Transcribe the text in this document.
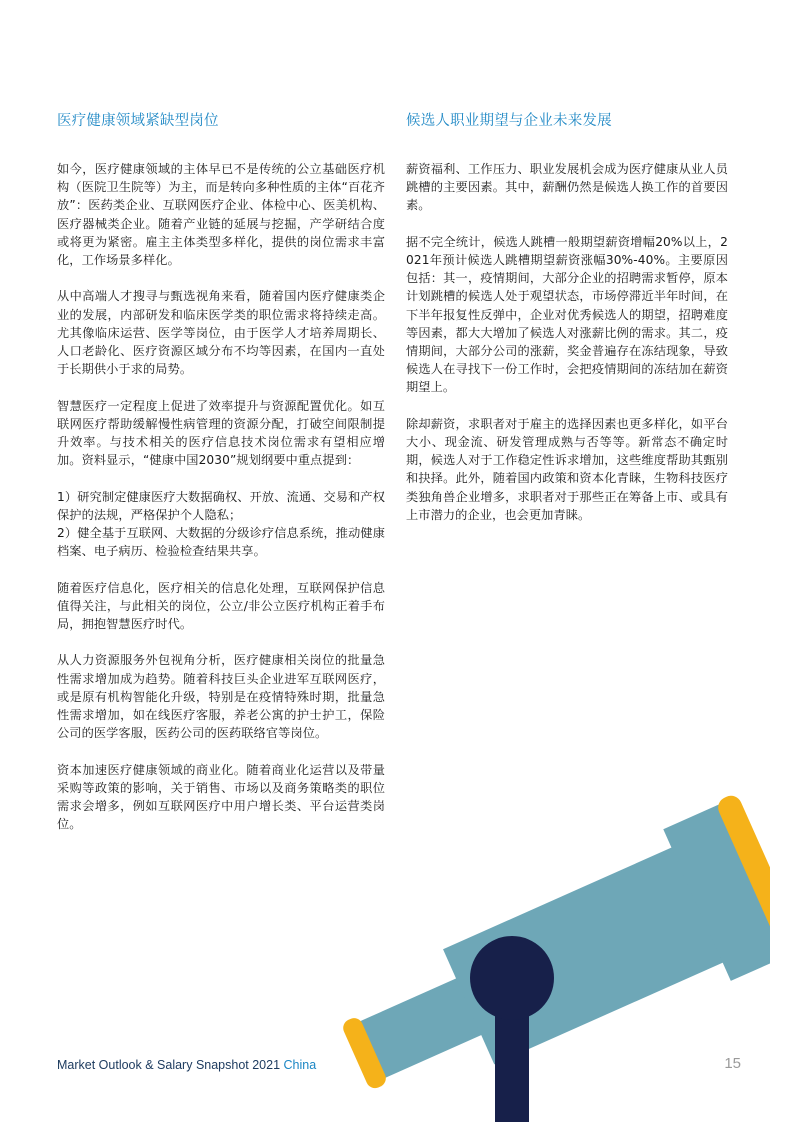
医疗健康领域紧缺型岗位

如今，医疗健康领域的主体早已不是传统的公立基础医疗机构（医院卫生院等）为主，而是转向多种性质的主体“百花齐放”：医药类企业、互联网医疗企业、体检中心、医美机构、医疗器械类企业。随着产业链的延展与挖掘，产学研结合度或将更为紧密。雇主主体类型多样化，提供的岗位需求丰富化，工作场景多样化。

从中高端人才搜寻与甄选视角来看，随着国内医疗健康类企业的发展，内部研发和临床医学类的职位需求将持续走高。尤其像临床运营、医学等岗位，由于医学人才培养周期长、人口老龄化、医疗资源区域分布不均等因素，在国内一直处于长期供小于求的局势。

智慧医疗一定程度上促进了效率提升与资源配置优化。如互联网医疗帮助缓解慢性病管理的资源分配，打破空间限制提升效率。与技术相关的医疗信息技术岗位需求有望相应增加。资料显示，“健康中国2030”规划纲要中重点提到：

1）研究制定健康医疗大数据确权、开放、流通、交易和产权保护的法规，严格保护个人隐私；
2）健全基于互联网、大数据的分级诊疗信息系统，推动健康档案、电子病历、检验检查结果共享。

随着医疗信息化，医疗相关的信息化处理，互联网保护信息值得关注，与此相关的岗位，公立/非公立医疗机构正着手布局，拥抱智慧医疗时代。

从人力资源服务外包视角分析，医疗健康相关岗位的批量急性需求增加成为趋势。随着科技巨头企业进军互联网医疗，或是原有机构智能化升级，特别是在疫情特殊时期，批量急性需求增加，如在线医疗客服，养老公寓的护士护工，保险公司的医学客服，医药公司的医药联络官等岗位。

资本加速医疗健康领域的商业化。随着商业化运营以及带量采购等政策的影响，关于销售、市场以及商务策略类的职位需求会增多，例如互联网医疗中用户增长类、平台运营类岗位。

候选人职业期望与企业未来发展

薪资福利、工作压力、职业发展机会成为医疗健康从业人员跳槽的主要因素。其中，薪酬仍然是候选人换工作的首要因素。

据不完全统计，候选人跳槽一般期望薪资增幅20%以上，2021年预计候选人跳槽期望薪资涨幅30%-40%。主要原因包括：其一，疫情期间，大部分企业的招聘需求暂停，原本计划跳槽的候选人处于观望状态，市场停滞近半年时间，在下半年报复性反弹中，企业对优秀候选人的期望，招聘难度等因素，都大大增加了候选人对涨薪比例的需求。其二，疫情期间，大部分公司的涨薪，奖金普遍存在冻结现象，导致候选人在寻找下一份工作时，会把疫情期间的冻结加在薪资期望上。

除却薪资，求职者对于雇主的选择因素也更多样化，如平台大小、现金流、研发管理成熟与否等等。新常态不确定时期，候选人对于工作稳定性诉求增加，这些维度帮助其甄别和抉择。此外，随着国内政策和资本化青睐，生物科技医疗类独角兽企业增多，求职者对于那些正在筹备上市、或具有上市潜力的企业，也会更加青睐。

Market Outlook & Salary Snapshot 2021 China	15
